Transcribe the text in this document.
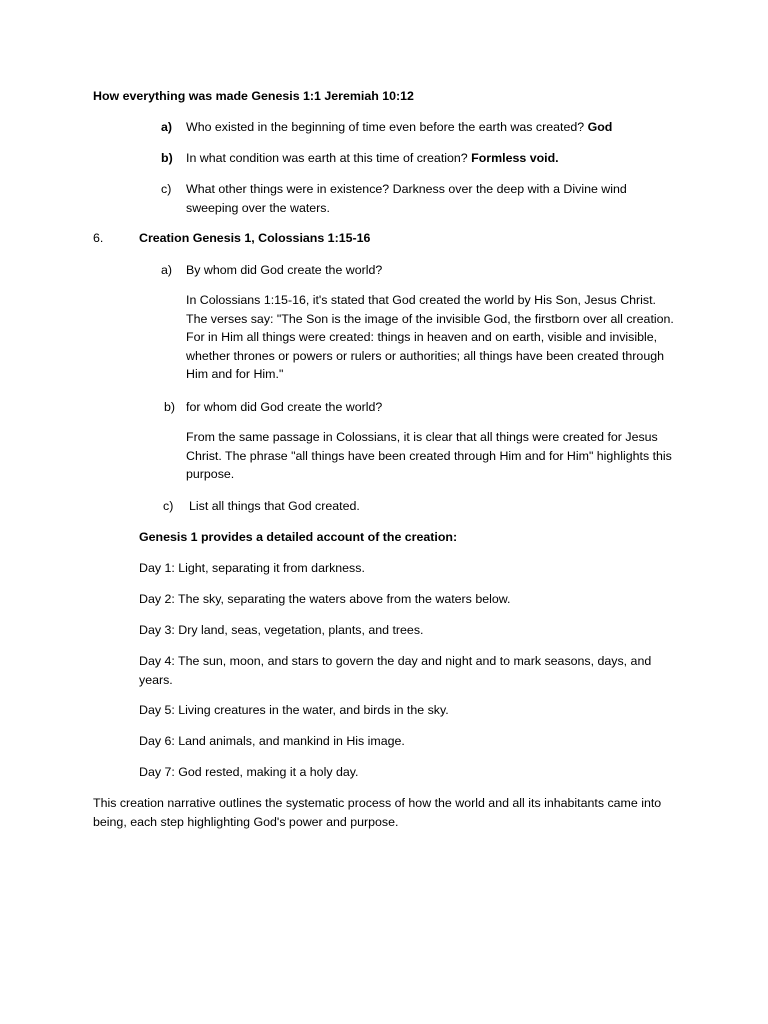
How everything was made Genesis 1:1 Jeremiah 10:12

a) Who existed in the beginning of time even before the earth was created? God

b) In what condition was earth at this time of creation? Formless void.

c) What other things were in existence? Darkness over the deep with a Divine wind sweeping over the waters.

6.	Creation Genesis 1, Colossians 1:15-16

a) By whom did God create the world?

In Colossians 1:15-16, it's stated that God created the world by His Son, Jesus Christ. The verses say: "The Son is the image of the invisible God, the firstborn over all creation. For in Him all things were created: things in heaven and on earth, visible and invisible, whether thrones or powers or rulers or authorities; all things have been created through Him and for Him."

b) for whom did God create the world?

From the same passage in Colossians, it is clear that all things were created for Jesus Christ. The phrase "all things have been created through Him and for Him" highlights this purpose.

c) List all things that God created.

Genesis 1 provides a detailed account of the creation:

Day 1: Light, separating it from darkness.

Day 2: The sky, separating the waters above from the waters below.

Day 3: Dry land, seas, vegetation, plants, and trees.

Day 4: The sun, moon, and stars to govern the day and night and to mark seasons, days, and years.

Day 5: Living creatures in the water, and birds in the sky.

Day 6: Land animals, and mankind in His image.

Day 7: God rested, making it a holy day.

This creation narrative outlines the systematic process of how the world and all its inhabitants came into being, each step highlighting God's power and purpose.
